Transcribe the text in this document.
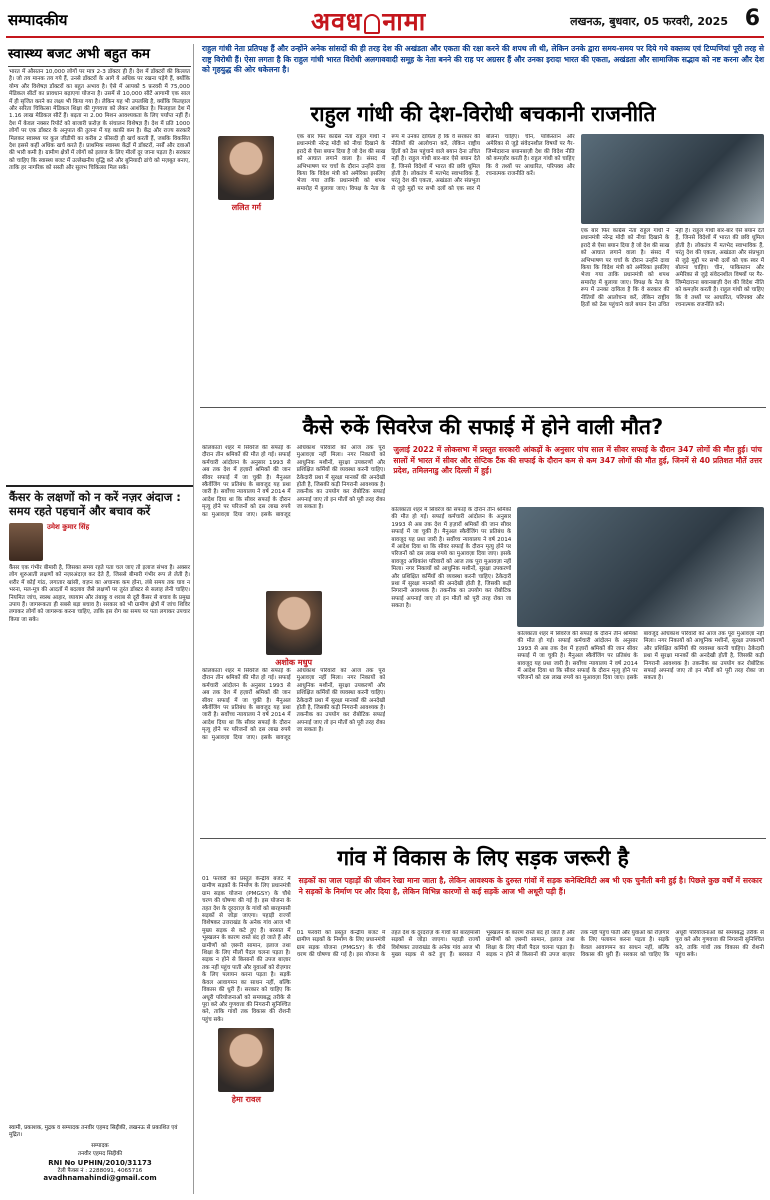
सम्पादकीय	अवध नामा	लखनऊ, बुधवार, 05 फरवरी, 2025 6
स्वास्थ्य बजट अभी बहुत कम
भारत में औसतन 10,000 लोगों पर मात्र 2-3 डॉक्टर ही हैं। देश में डॉक्टरों की किल्लत है। जो तय मानक तय गये हैं, उनसे डॉक्टरों के आगे ये अधिक पर रखना पड़ेगे हैं, क्योंकि योग्य और विशेषज्ञ डॉक्टरों का बहुत अभाव है। ऐसे में आपको 5 फ़रवरी में 75,000 मेडिकल सीटों का प्रावधान बढ़ाएगा योजना है। उसमें से 10,000 सीटें आगामी एक साल में ही सृजित करने का लक्ष्य भी किया गया है। लेकिन यह भी उपलब्धि है, क्योंकि फिलहाल और सरिता चिकित्सा मेडिकल शिक्षा की गुणवत्ता को लेकर आशंकित है। फिलहाल देश में 1.16 लाख मेडिकल सीटें हैं। बढ़ता ना 2.00 मिशन आवश्यकता के लिए पर्याप्त नहीं हैं। देश में केवल नक्सर रिपोर्ट को बाजारी फ़रोज़ के संचालन विशेषज्ञ हैं। देश में प्रति 1000 लोगों पर एक डॉक्टर के अनुपात की तुलना में यह काफ़ी कम है। केंद्र और राज्य सरकारें मिलकर स्वास्थ्य पर कुल जीडीपी का करीब 2 फ़ीसदी ही खर्च करती हैं, जबकि विकसित देश इससे कहीं अधिक खर्च करते हैं। प्राथमिक स्वास्थ्य केंद्रों में डॉक्टरों, नर्सों और दवाओं की भारी कमी है। ग्रामीण क्षेत्रों में लोगों को इलाज के लिए मीलों दूर जाना पड़ता है। सरकार को चाहिए कि स्वास्थ्य बजट में उल्लेखनीय वृद्धि करे और बुनियादी ढांचे को मज़बूत बनाए, ताकि हर नागरिक को सस्ती और सुलभ चिकित्सा मिल सके।
कैंसर के लक्षणों को न करें नज़र अंदाज : समय रहते पहचानें और बचाव करें
उमेश कुमार सिंह
कैंसर एक गंभीर बीमारी है, जिसका समय रहते पता चल जाए तो इलाज संभव है। अक्सर लोग शुरुआती लक्षणों को नज़रअंदाज़ कर देते हैं, जिससे बीमारी गंभीर रूप ले लेती है। शरीर में कोई गांठ, लगातार खांसी, वज़न का अचानक कम होना, लंबे समय तक घाव न भरना, मल-मूत्र की आदतों में बदलाव जैसे लक्षणों पर तुरंत डॉक्टर से सलाह लेनी चाहिए। नियमित जांच, स्वस्थ आहार, व्यायाम और तंबाकू व शराब से दूरी कैंसर से बचाव के प्रमुख उपाय हैं। जागरूकता ही सबसे बड़ा बचाव है। सरकार को भी ग्रामीण क्षेत्रों में जांच शिविर लगाकर लोगों को जागरूक करना चाहिए, ताकि इस रोग का समय पर पता लगाकर उपचार किया जा सके।
स्वामी, प्रकाशक, मुद्रक व सम्पादक तनवीर एहमद सिद्दीकी, लखनऊ से प्रकाशित एवं मुद्रित।
सम्पादक
तनवीर एहमद सिद्दीकी
RNI No UPHIN/2010/31173
टेली फैक्स नं : 2288091, 4065716
avadhnamahindi@gmail.com
राहुल गांधी नेता प्रतिपक्ष हैं और उन्होंने अनेक सांसदों की ही तरह देश की अखंडता और एकता की रक्षा करने की शपथ ली थी, लेकिन उनके द्वारा समय-समय पर दिये गये वक्तव्य एवं टिप्पणियां पूरी तरह से राष्ट्र विरोधी हैं। ऐसा लगता है कि राहुल गांधी भारत विरोधी अलगाववादी समूह के नेता बनने की राह पर अग्रसर हैं और उनका इरादा भारत की एकता, अखंडता और सामाजिक सद्भाव को नष्ट करना और देश को गृहयुद्ध की ओर धकेलना है।
राहुल गांधी की देश-विरोधी बचकानी राजनीति
ललित गर्ग
एक बार फिर कांग्रेस नेता राहुल गांधी ने प्रधानमंत्री नरेन्द्र मोदी को नीचा दिखाने के इरादे से ऐसा बयान दिया है जो देश की साख को आघात लगाने वाला है। संसद में अभिभाषण पर चर्चा के दौरान उन्होंने दावा किया कि विदेश मंत्री को अमेरिका इसलिए भेजा गया ताकि प्रधानमंत्री को शपथ समारोह में बुलाया जाए। विपक्ष के नेता के रूप में उनका दायित्व है कि वे सरकार की नीतियों की आलोचना करें, लेकिन राष्ट्रीय हितों को ठेस पहुंचाने वाले बयान देना उचित नहीं है। राहुल गांधी बार-बार ऐसे बयान देते हैं, जिनसे विदेशों में भारत की छवि धूमिल होती है। लोकतंत्र में मतभेद स्वाभाविक हैं, परंतु देश की एकता, अखंडता और संप्रभुता से जुड़े मुद्दों पर सभी दलों को एक स्वर में बोलना चाहिए। चीन, पाकिस्तान और अमेरिका से जुड़े संवेदनशील विषयों पर गैर-जिम्मेदाराना बयानबाज़ी देश की विदेश नीति को कमज़ोर करती है। राहुल गांधी को चाहिए कि वे तथ्यों पर आधारित, परिपक्व और रचनात्मक राजनीति करें।
एक बार फिर कांग्रेस नेता राहुल गांधी ने प्रधानमंत्री नरेन्द्र मोदी को नीचा दिखाने के इरादे से ऐसा बयान दिया है जो देश की साख को आघात लगाने वाला है। संसद में अभिभाषण पर चर्चा के दौरान उन्होंने दावा किया कि विदेश मंत्री को अमेरिका इसलिए भेजा गया ताकि प्रधानमंत्री को शपथ समारोह में बुलाया जाए। विपक्ष के नेता के रूप में उनका दायित्व है कि वे सरकार की नीतियों की आलोचना करें, लेकिन राष्ट्रीय हितों को ठेस पहुंचाने वाले बयान देना उचित नहीं है। राहुल गांधी बार-बार ऐसे बयान देते हैं, जिनसे विदेशों में भारत की छवि धूमिल होती है। लोकतंत्र में मतभेद स्वाभाविक हैं, परंतु देश की एकता, अखंडता और संप्रभुता से जुड़े मुद्दों पर सभी दलों को एक स्वर में बोलना चाहिए। चीन, पाकिस्तान और अमेरिका से जुड़े संवेदनशील विषयों पर गैर-जिम्मेदाराना बयानबाज़ी देश की विदेश नीति को कमज़ोर करती है। राहुल गांधी को चाहिए कि वे तथ्यों पर आधारित, परिपक्व और रचनात्मक राजनीति करें।
कैसे रुकें सिवरेज की सफाई में होने वाली मौत?
कोलकाता शहर में सिवरेज की सफाई के दौरान तीन श्रमिकों की मौत हो गई। सफाई कर्मचारी आंदोलन के अनुसार 1993 से अब तक देश में हज़ारों श्रमिकों की जान सीवर सफाई में जा चुकी है। मैनुअल स्कैवेंजिंग पर प्रतिबंध के बावजूद यह प्रथा जारी है। सर्वोच्च न्यायालय ने वर्ष 2014 में आदेश दिया था कि सीवर सफाई के दौरान मृत्यु होने पर परिजनों को दस लाख रुपये का मुआवज़ा दिया जाए। इसके बावजूद अधिकांश परिवारों को आज तक पूरा मुआवज़ा नहीं मिला। नगर निकायों को आधुनिक मशीनों, सुरक्षा उपकरणों और प्रशिक्षित कर्मियों की व्यवस्था करनी चाहिए। ठेकेदारी प्रथा में सुरक्षा मानकों की अनदेखी होती है, जिसकी कड़ी निगरानी आवश्यक है। तकनीक का उपयोग कर रोबोटिक सफाई अपनाई जाए तो इन मौतों को पूरी तरह रोका जा सकता है।
अशोक मधुप
कोलकाता शहर में सिवरेज की सफाई के दौरान तीन श्रमिकों की मौत हो गई। सफाई कर्मचारी आंदोलन के अनुसार 1993 से अब तक देश में हज़ारों श्रमिकों की जान सीवर सफाई में जा चुकी है। मैनुअल स्कैवेंजिंग पर प्रतिबंध के बावजूद यह प्रथा जारी है। सर्वोच्च न्यायालय ने वर्ष 2014 में आदेश दिया था कि सीवर सफाई के दौरान मृत्यु होने पर परिजनों को दस लाख रुपये का मुआवज़ा दिया जाए। इसके बावजूद अधिकांश परिवारों को आज तक पूरा मुआवज़ा नहीं मिला। नगर निकायों को आधुनिक मशीनों, सुरक्षा उपकरणों और प्रशिक्षित कर्मियों की व्यवस्था करनी चाहिए। ठेकेदारी प्रथा में सुरक्षा मानकों की अनदेखी होती है, जिसकी कड़ी निगरानी आवश्यक है। तकनीक का उपयोग कर रोबोटिक सफाई अपनाई जाए तो इन मौतों को पूरी तरह रोका जा सकता है।
जुलाई 2022 में लोकसभा में प्रस्तुत सरकारी आंकड़ों के अनुसार पांच साल में सीवर सफाई के दौरान 347 लोगों की मौत हुई। पांच सालों में भारत में सीवर और सेप्टिक टैंक की सफाई के दौरान कम से कम 347 लोगों की मौत हुई, जिनमें से 40 प्रतिशत मौतें उत्तर प्रदेश, तमिलनाडु और दिल्ली में हुई।
कोलकाता शहर में सिवरेज की सफाई के दौरान तीन श्रमिकों की मौत हो गई। सफाई कर्मचारी आंदोलन के अनुसार 1993 से अब तक देश में हज़ारों श्रमिकों की जान सीवर सफाई में जा चुकी है। मैनुअल स्कैवेंजिंग पर प्रतिबंध के बावजूद यह प्रथा जारी है। सर्वोच्च न्यायालय ने वर्ष 2014 में आदेश दिया था कि सीवर सफाई के दौरान मृत्यु होने पर परिजनों को दस लाख रुपये का मुआवज़ा दिया जाए। इसके बावजूद अधिकांश परिवारों को आज तक पूरा मुआवज़ा नहीं मिला। नगर निकायों को आधुनिक मशीनों, सुरक्षा उपकरणों और प्रशिक्षित कर्मियों की व्यवस्था करनी चाहिए। ठेकेदारी प्रथा में सुरक्षा मानकों की अनदेखी होती है, जिसकी कड़ी निगरानी आवश्यक है। तकनीक का उपयोग कर रोबोटिक सफाई अपनाई जाए तो इन मौतों को पूरी तरह रोका जा सकता है।
कोलकाता शहर में सिवरेज की सफाई के दौरान तीन श्रमिकों की मौत हो गई। सफाई कर्मचारी आंदोलन के अनुसार 1993 से अब तक देश में हज़ारों श्रमिकों की जान सीवर सफाई में जा चुकी है। मैनुअल स्कैवेंजिंग पर प्रतिबंध के बावजूद यह प्रथा जारी है। सर्वोच्च न्यायालय ने वर्ष 2014 में आदेश दिया था कि सीवर सफाई के दौरान मृत्यु होने पर परिजनों को दस लाख रुपये का मुआवज़ा दिया जाए। इसके बावजूद अधिकांश परिवारों को आज तक पूरा मुआवज़ा नहीं मिला। नगर निकायों को आधुनिक मशीनों, सुरक्षा उपकरणों और प्रशिक्षित कर्मियों की व्यवस्था करनी चाहिए। ठेकेदारी प्रथा में सुरक्षा मानकों की अनदेखी होती है, जिसकी कड़ी निगरानी आवश्यक है। तकनीक का उपयोग कर रोबोटिक सफाई अपनाई जाए तो इन मौतों को पूरी तरह रोका जा सकता है।
गांव में विकास के लिए सड़क जरूरी है
01 फरवरी को प्रस्तुत केन्द्रीय बजट में ग्रामीण सड़कों के निर्माण के लिए प्रधानमंत्री ग्राम सड़क योजना (PMGSY) के चौथे चरण की घोषणा की गई है। इस योजना के तहत देश के दूरदराज़ के गांवों को बारहमासी सड़कों से जोड़ा जाएगा। पहाड़ी राज्यों विशेषकर उत्तराखंड के अनेक गांव आज भी मुख्य सड़क से कटे हुए हैं। बरसात में भूस्खलन के कारण रास्ते बंद हो जाते हैं और ग्रामीणों को ज़रूरी सामान, इलाज तथा शिक्षा के लिए मीलों पैदल चलना पड़ता है। सड़क न होने से किसानों की उपज बाज़ार तक नहीं पहुंच पाती और युवाओं को रोज़गार के लिए पलायन करना पड़ता है। सड़कें केवल आवागमन का साधन नहीं, बल्कि विकास की धुरी हैं। सरकार को चाहिए कि अधूरी परियोजनाओं को समयबद्ध तरीके से पूरा करे और गुणवत्ता की निगरानी सुनिश्चित करे, ताकि गांवों तक विकास की रोशनी पहुंच सके।
हेमा रावल
सड़कों का जाल पहाड़ों की जीवन रेखा माना जाता है, लेकिन आवश्यक के दुरुस्त गांवों में सड़क कनेक्टिविटी अब भी एक चुनौती बनी हुई है। पिछले कुछ वर्षों में सरकार ने सड़कों के निर्माण पर और दिया है, लेकिन विभिन्न कारणों से कई सड़कें आज भी अधूरी पड़ी हैं।
01 फरवरी को प्रस्तुत केन्द्रीय बजट में ग्रामीण सड़कों के निर्माण के लिए प्रधानमंत्री ग्राम सड़क योजना (PMGSY) के चौथे चरण की घोषणा की गई है। इस योजना के तहत देश के दूरदराज़ के गांवों को बारहमासी सड़कों से जोड़ा जाएगा। पहाड़ी राज्यों विशेषकर उत्तराखंड के अनेक गांव आज भी मुख्य सड़क से कटे हुए हैं। बरसात में भूस्खलन के कारण रास्ते बंद हो जाते हैं और ग्रामीणों को ज़रूरी सामान, इलाज तथा शिक्षा के लिए मीलों पैदल चलना पड़ता है। सड़क न होने से किसानों की उपज बाज़ार तक नहीं पहुंच पाती और युवाओं को रोज़गार के लिए पलायन करना पड़ता है। सड़कें केवल आवागमन का साधन नहीं, बल्कि विकास की धुरी हैं। सरकार को चाहिए कि अधूरी परियोजनाओं को समयबद्ध तरीके से पूरा करे और गुणवत्ता की निगरानी सुनिश्चित करे, ताकि गांवों तक विकास की रोशनी पहुंच सके।
